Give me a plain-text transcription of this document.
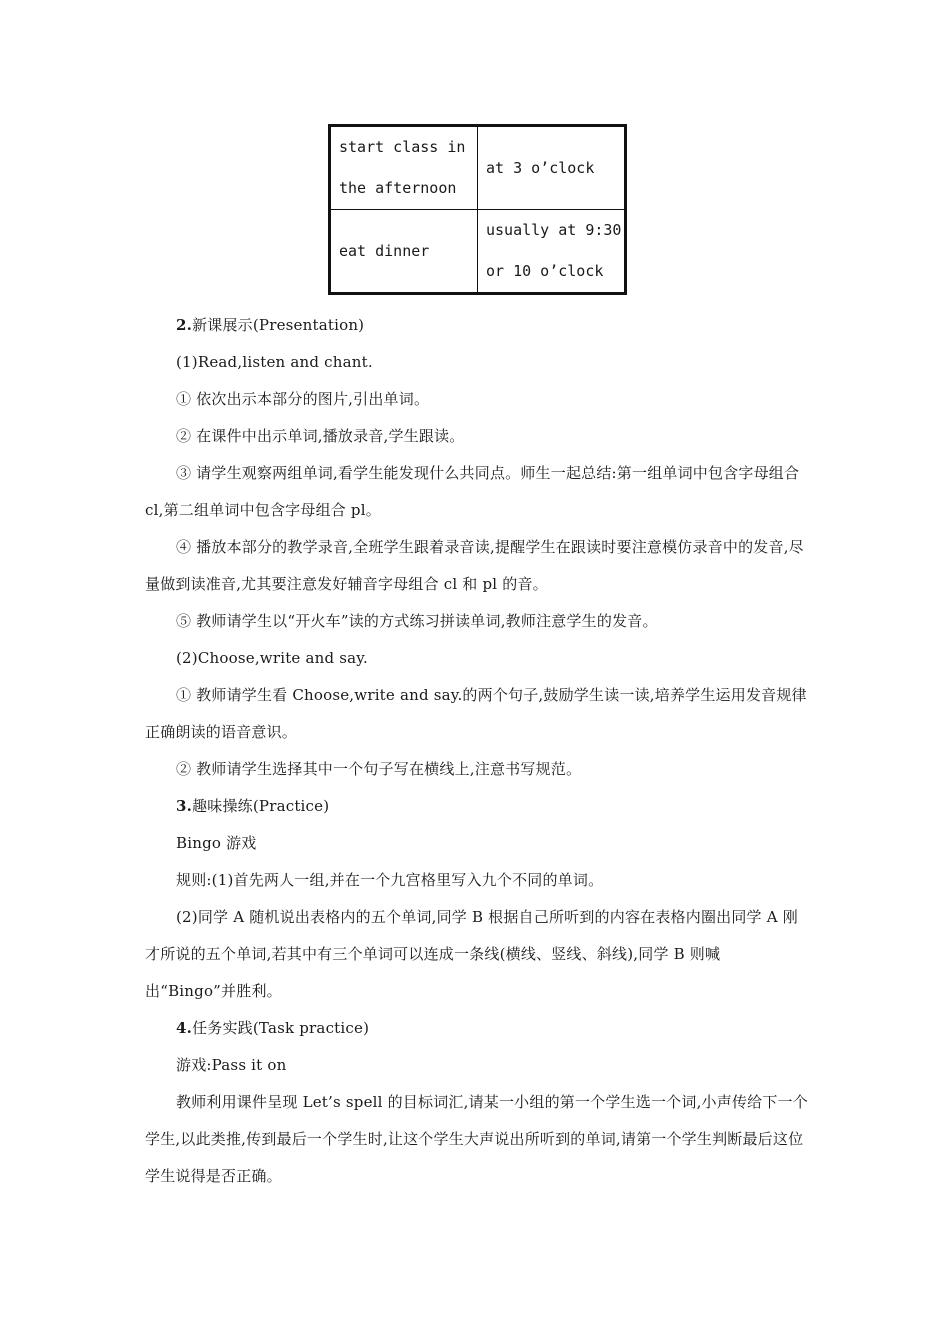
start class in
the afternoon	at 3 o’clock

eat dinner	usually at 9:30
or 10 o’clock

2.新课展示(Presentation)

(1)Read,listen and chant.

① 依次出示本部分的图片,引出单词。

② 在课件中出示单词,播放录音,学生跟读。

③ 请学生观察两组单词,看学生能发现什么共同点。师生一起总结:第一组单词中包含字母组合 cl,第二组单词中包含字母组合 pl。

④ 播放本部分的教学录音,全班学生跟着录音读,提醒学生在跟读时要注意模仿录音中的发音,尽量做到读准音,尤其要注意发好辅音字母组合 cl 和 pl 的音。

⑤ 教师请学生以“开火车”读的方式练习拼读单词,教师注意学生的发音。

(2)Choose,write and say.

① 教师请学生看 Choose,write and say.的两个句子,鼓励学生读一读,培养学生运用发音规律正确朗读的语音意识。

② 教师请学生选择其中一个句子写在横线上,注意书写规范。

3.趣味操练(Practice)

Bingo 游戏

规则:(1)首先两人一组,并在一个九宫格里写入九个不同的单词。

(2)同学 A 随机说出表格内的五个单词,同学 B 根据自己所听到的内容在表格内圈出同学 A 刚才所说的五个单词,若其中有三个单词可以连成一条线(横线、竖线、斜线),同学 B 则喊出“Bingo”并胜利。

4.任务实践(Task practice)

游戏:Pass it on

教师利用课件呈现 Let’s spell 的目标词汇,请某一小组的第一个学生选一个词,小声传给下一个学生,以此类推,传到最后一个学生时,让这个学生大声说出所听到的单词,请第一个学生判断最后这位学生说得是否正确。
